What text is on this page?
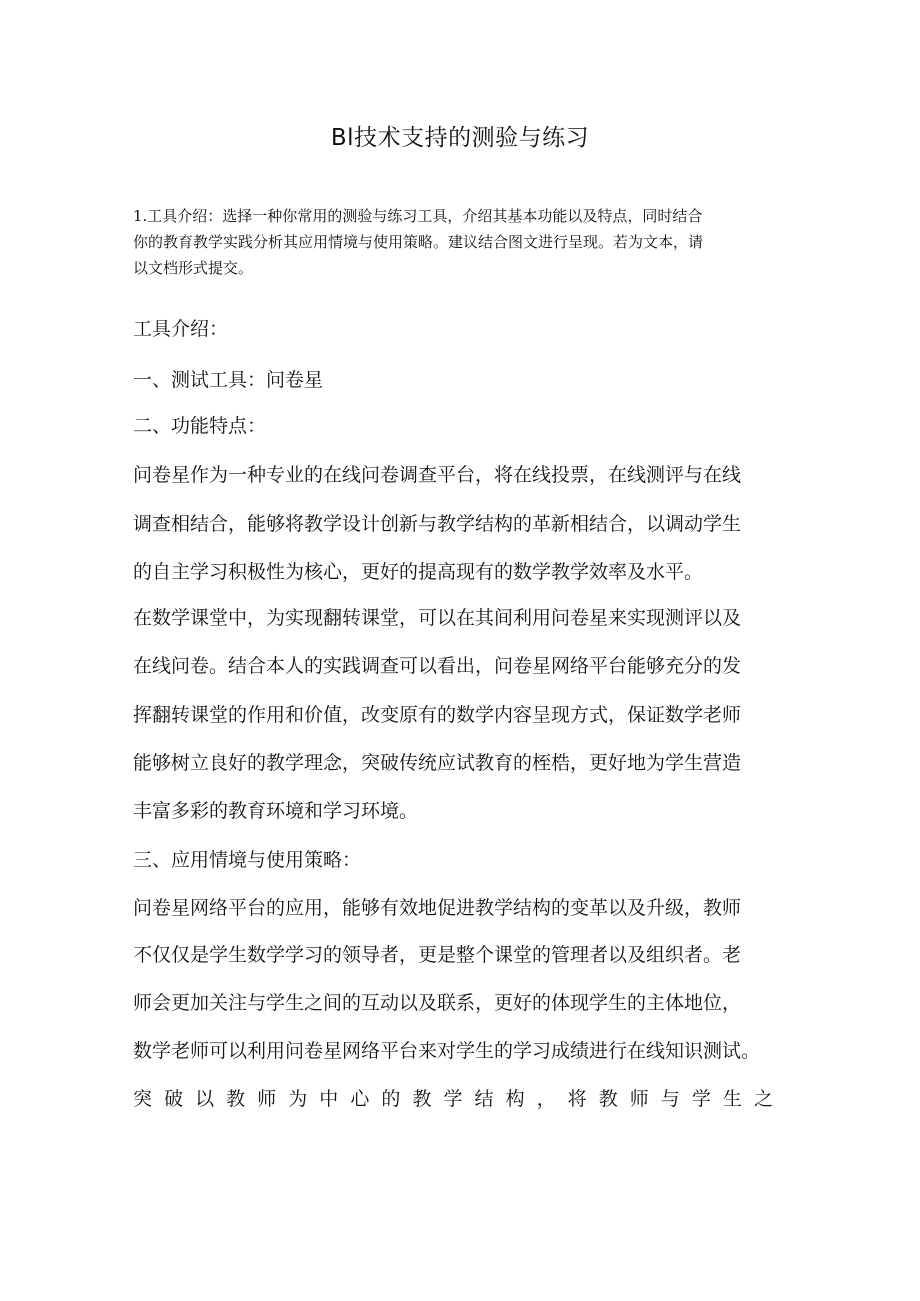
Bl技术支持的测验与练习
1.工具介绍：选择一种你常用的测验与练习工具，介绍其基本功能以及特点，同时结合
你的教育教学实践分析其应用情境与使用策略。建议结合图文进行呈现。若为文本，请
以文档形式提交。
工具介绍：
一、测试工具：问卷星
二、功能特点：
问卷星作为一种专业的在线问卷调查平台，将在线投票，在线测评与在线
调查相结合，能够将教学设计创新与教学结构的革新相结合，以调动学生
的自主学习积极性为核心，更好的提高现有的数学教学效率及水平。
在数学课堂中，为实现翻转课堂，可以在其间利用问卷星来实现测评以及
在线问卷。结合本人的实践调查可以看出，问卷星网络平台能够充分的发
挥翻转课堂的作用和价值，改变原有的数学内容呈现方式，保证数学老师
能够树立良好的教学理念，突破传统应试教育的桎梏，更好地为学生营造
丰富多彩的教育环境和学习环境。
三、应用情境与使用策略：
问卷星网络平台的应用，能够有效地促进教学结构的变革以及升级，教师
不仅仅是学生数学学习的领导者，更是整个课堂的管理者以及组织者。老
师会更加关注与学生之间的互动以及联系，更好的体现学生的主体地位，
数学老师可以利用问卷星网络平台来对学生的学习成绩进行在线知识测试。
突 破 以 教 师 为 中 心 的 教 学 结 构 ， 将 教 师 与 学 生 之
